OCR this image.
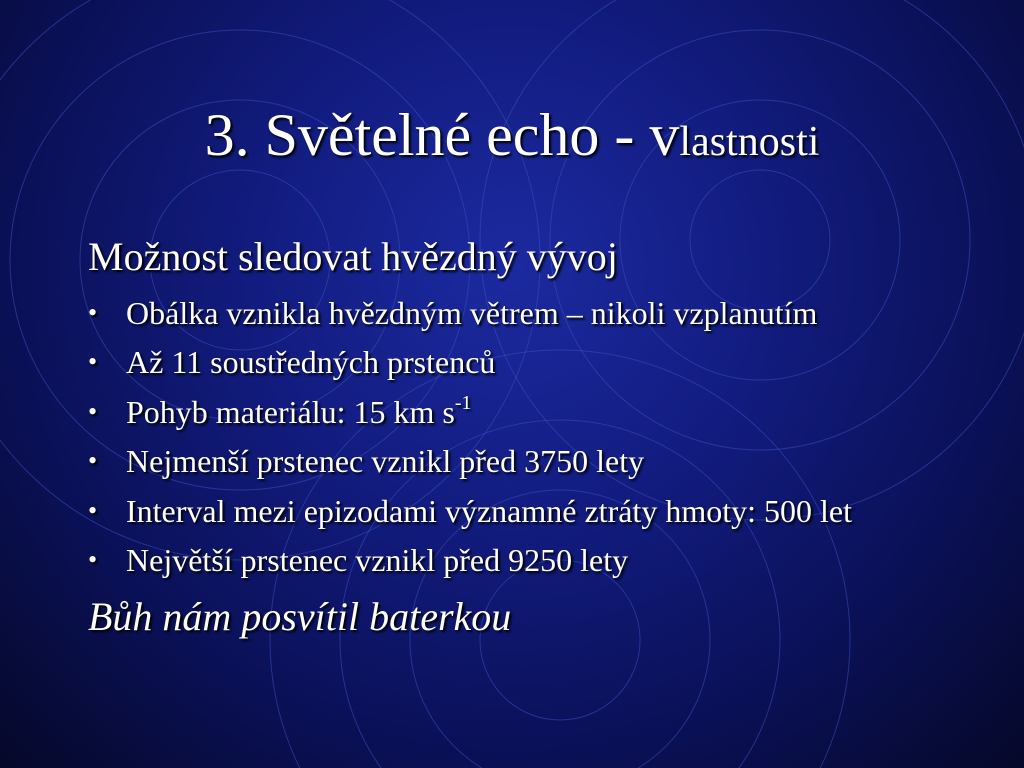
3. Světelné echo - vlastnosti
Možnost sledovat hvězdný vývoj
• Obálka vznikla hvězdným větrem – nikoli vzplanutím
• Až 11 soustředných prstenců
• Pohyb materiálu: 15 km $s^{-1}$
• Nejmenší prstenec vznikl před 3750 lety
• Interval mezi epizodami významné ztráty hmoty: 500 let
• Největší prstenec vznikl před 9250 lety
Bůh nám posvítil baterkou
